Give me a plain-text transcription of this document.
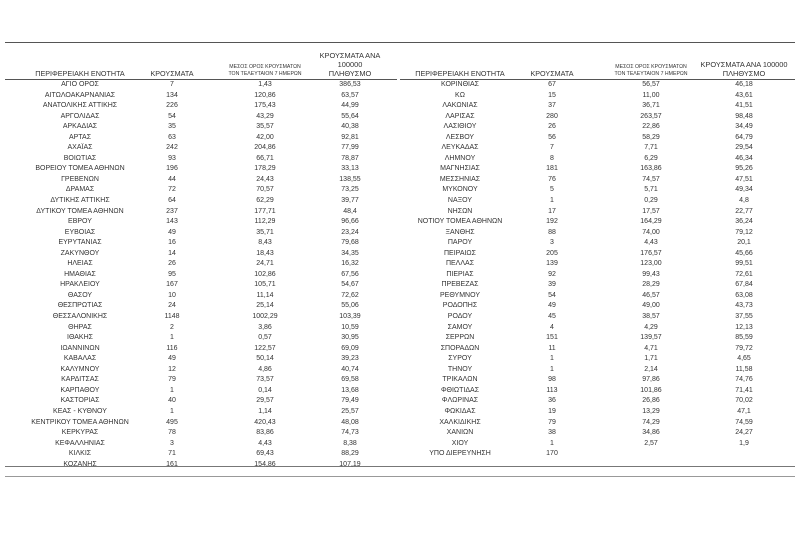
ΠΕΡΙΦΕΡΕΙΑΚΗ ΕΝΟΤΗΤΑ	ΚΡΟΥΣΜΑΤΑ
ΜΕΣΟΣ ΟΡΟΣ ΚΡΟΥΣΜΑΤΩΝ
ΤΟΝ ΤΕΛΕΥΤΑΙΟΝ 7 ΗΜΕΡΩΝ
ΚΡΟΥΣΜΑΤΑ ΑΝΑ 100000
ΠΛΗΘΥΣΜΟ
ΑΓΙΟ ΟΡΟΣ	7	1,43	386,53
ΑΙΤΩΛΟΑΚΑΡΝΑΝΙΑΣ	134	120,86	63,57
ΑΝΑΤΟΛΙΚΗΣ ΑΤΤΙΚΗΣ	226	175,43	44,99
ΑΡΓΟΛΙΔΑΣ	54	43,29	55,64
ΑΡΚΑΔΙΑΣ	35	35,57	40,38
ΑΡΤΑΣ	63	42,00	92,81
ΑΧΑΪΑΣ	242	204,86	77,99
ΒΟΙΩΤΙΑΣ	93	66,71	78,87
ΒΟΡΕΙΟΥ ΤΟΜΕΑ ΑΘΗΝΩΝ	196	178,29	33,13
ΓΡΕΒΕΝΩΝ	44	24,43	138,55
ΔΡΑΜΑΣ	72	70,57	73,25
ΔΥΤΙΚΗΣ ΑΤΤΙΚΗΣ	64	62,29	39,77
ΔΥΤΙΚΟΥ ΤΟΜΕΑ ΑΘΗΝΩΝ	237	177,71	48,4
ΕΒΡΟΥ	143	112,29	96,66
ΕΥΒΟΙΑΣ	49	35,71	23,24
ΕΥΡΥΤΑΝΙΑΣ	16	8,43	79,68
ΖΑΚΥΝΘΟΥ	14	18,43	34,35
ΗΛΕΙΑΣ	26	24,71	16,32
ΗΜΑΘΙΑΣ	95	102,86	67,56
ΗΡΑΚΛΕΙΟΥ	167	105,71	54,67
ΘΑΣΟΥ	10	11,14	72,62
ΘΕΣΠΡΩΤΙΑΣ	24	25,14	55,06
ΘΕΣΣΑΛΟΝΙΚΗΣ	1148	1002,29	103,39
ΘΗΡΑΣ	2	3,86	10,59
ΙΘΑΚΗΣ	1	0,57	30,95
ΙΩΑΝΝΙΝΩΝ	116	122,57	69,09
ΚΑΒΑΛΑΣ	49	50,14	39,23
ΚΑΛΥΜΝΟΥ	12	4,86	40,74
ΚΑΡΔΙΤΣΑΣ	79	73,57	69,58
ΚΑΡΠΑΘΟΥ	1	0,14	13,68
ΚΑΣΤΟΡΙΑΣ	40	29,57	79,49
ΚΕΑΣ - ΚΥΘΝΟΥ	1	1,14	25,57
ΚΕΝΤΡΙΚΟΥ ΤΟΜΕΑ ΑΘΗΝΩΝ	495	420,43	48,08
ΚΕΡΚΥΡΑΣ	78	83,86	74,73
ΚΕΦΑΛΛΗΝΙΑΣ	3	4,43	8,38
ΚΙΛΚΙΣ	71	69,43	88,29
ΚΟΖΑΝΗΣ	161	154,86	107,19
ΠΕΡΙΦΕΡΕΙΑΚΗ ΕΝΟΤΗΤΑ	ΚΡΟΥΣΜΑΤΑ
ΜΕΣΟΣ ΟΡΟΣ ΚΡΟΥΣΜΑΤΩΝ
ΤΟΝ ΤΕΛΕΥΤΑΙΟΝ 7 ΗΜΕΡΩΝ
ΚΡΟΥΣΜΑΤΑ ΑΝΑ 100000
ΠΛΗΘΥΣΜΟ
ΚΟΡΙΝΘΙΑΣ	67	56,57	46,18
ΚΩ	15	11,00	43,61
ΛΑΚΩΝΙΑΣ	37	36,71	41,51
ΛΑΡΙΣΑΣ	280	263,57	98,48
ΛΑΣΙΘΙΟΥ	26	22,86	34,49
ΛΕΣΒΟΥ	56	58,29	64,79
ΛΕΥΚΑΔΑΣ	7	7,71	29,54
ΛΗΜΝΟΥ	8	6,29	46,34
ΜΑΓΝΗΣΙΑΣ	181	163,86	95,26
ΜΕΣΣΗΝΙΑΣ	76	74,57	47,51
ΜΥΚΟΝΟΥ	5	5,71	49,34
ΝΑΞΟΥ	1	0,29	4,8
ΝΗΣΩΝ	17	17,57	22,77
ΝΟΤΙΟΥ ΤΟΜΕΑ ΑΘΗΝΩΝ	192	164,29	36,24
ΞΑΝΘΗΣ	88	74,00	79,12
ΠΑΡΟΥ	3	4,43	20,1
ΠΕΙΡΑΙΩΣ	205	176,57	45,66
ΠΕΛΛΑΣ	139	123,00	99,51
ΠΙΕΡΙΑΣ	92	99,43	72,61
ΠΡΕΒΕΖΑΣ	39	28,29	67,84
ΡΕΘΥΜΝΟΥ	54	46,57	63,08
ΡΟΔΟΠΗΣ	49	49,00	43,73
ΡΟΔΟΥ	45	38,57	37,55
ΣΑΜΟΥ	4	4,29	12,13
ΣΕΡΡΩΝ	151	139,57	85,59
ΣΠΟΡΑΔΩΝ	11	4,71	79,72
ΣΥΡΟΥ	1	1,71	4,65
ΤΗΝΟΥ	1	2,14	11,58
ΤΡΙΚΑΛΩΝ	98	97,86	74,76
ΦΘΙΩΤΙΔΑΣ	113	101,86	71,41
ΦΛΩΡΙΝΑΣ	36	26,86	70,02
ΦΩΚΙΔΑΣ	19	13,29	47,1
ΧΑΛΚΙΔΙΚΗΣ	79	74,29	74,59
ΧΑΝΙΩΝ	38	34,86	24,27
ΧΙΟΥ	1	2,57	1,9
ΥΠΟ ΔΙΕΡΕΥΝΗΣΗ	170
